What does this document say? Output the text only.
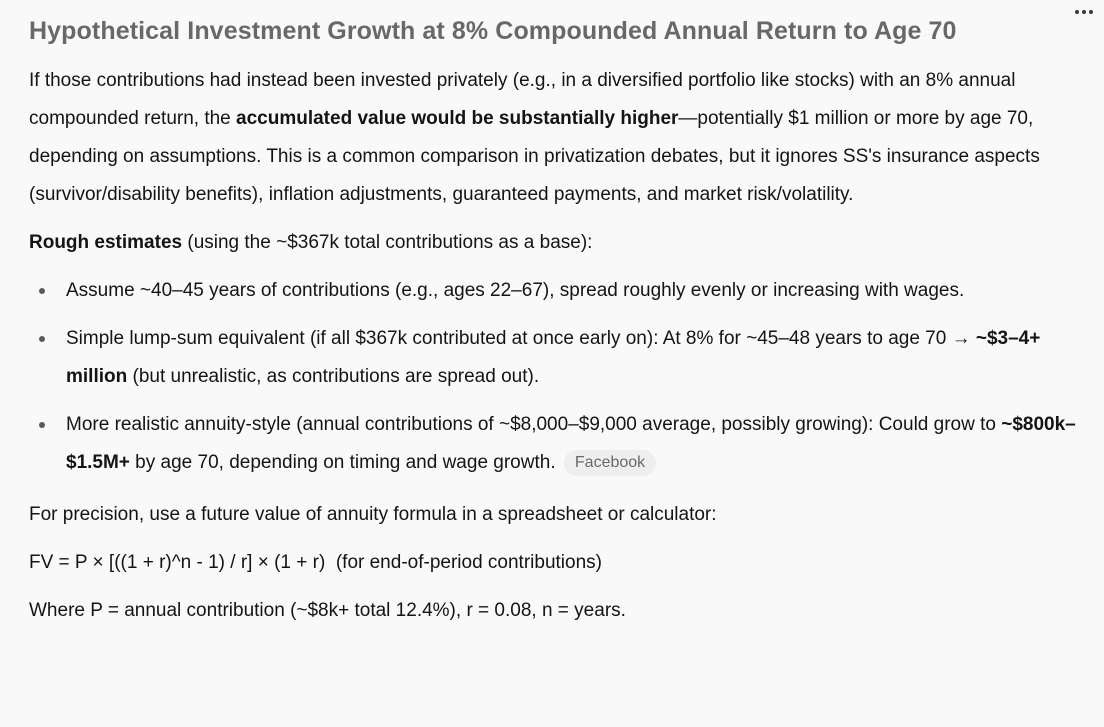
Hypothetical Investment Growth at 8% Compounded Annual Return to Age 70

If those contributions had instead been invested privately (e.g., in a diversified portfolio like stocks) with an 8% annual compounded return, the accumulated value would be substantially higher—potentially $1 million or more by age 70, depending on assumptions. This is a common comparison in privatization debates, but it ignores SS's insurance aspects (survivor/disability benefits), inflation adjustments, guaranteed payments, and market risk/volatility.

Rough estimates (using the ~$367k total contributions as a base):

Assume ~40–45 years of contributions (e.g., ages 22–67), spread roughly evenly or increasing with wages.
Simple lump-sum equivalent (if all $367k contributed at once early on): At 8% for ~45–48 years to age 70 → ~$3–4+ million (but unrealistic, as contributions are spread out).
More realistic annuity-style (annual contributions of ~$8,000–$9,000 average, possibly growing): Could grow to ~$800k–$1.5M+ by age 70, depending on timing and wage growth. Facebook

For precision, use a future value of annuity formula in a spreadsheet or calculator:

FV = P × [((1 + r)^n - 1) / r] × (1 + r)  (for end-of-period contributions)

Where P = annual contribution (~$8k+ total 12.4%), r = 0.08, n = years.
